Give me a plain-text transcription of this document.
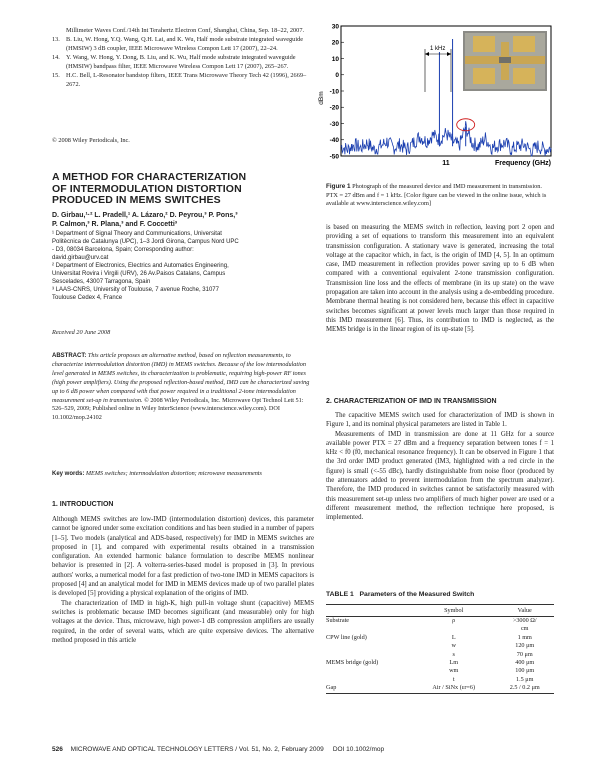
Millimeter Waves Conf./14th Int Terahertz Electron Conf, Shanghai, China, Sep. 18–22, 2007.
13. B. Liu, W. Hong, Y.Q. Wang, Q.H. Lai, and K. Wu, Half mode substrate integrated waveguide (HMSIW) 3 dB coupler, IEEE Microwave Wireless Compon Lett 17 (2007), 22–24.
14. Y. Wang, W. Hong, Y. Dong, B. Liu, and K. Wu, Half mode substrate integrated waveguide (HMSIW) bandpass filter, IEEE Microwave Wireless Compon Lett 17 (2007), 265–267.
15. H.C. Bell, L-Resonator bandstop filters, IEEE Trans Microwave Theory Tech 42 (1996), 2669–2672.
© 2008 Wiley Periodicals, Inc.
A METHOD FOR CHARACTERIZATION
OF INTERMODULATION DISTORTION
PRODUCED IN MEMS SWITCHES
D. Girbau,¹·² L. Pradell,¹ A. Lázaro,² D. Peyrou,³ P. Pons,³
P. Calmon,³ R. Plana,³ and F. Coccetti³
¹ Department of Signal Theory and Communications, Universitat
Politècnica de Catalunya (UPC), 1–3 Jordi Girona, Campus Nord UPC
- D3, 08034 Barcelona, Spain; Corresponding author:
david.girbau@urv.cat
² Department of Electronics, Electrics and Automatics Engineering,
Universitat Rovira i Virgili (URV), 26 Av.Paisos Catalans, Campus
Sescelades, 43007 Tarragona, Spain
³ LAAS-CNRS, University of Toulouse, 7 avenue Roche, 31077
Toulouse Cedex 4, France
Received 20 June 2008
ABSTRACT: This article proposes an alternative method, based on reflection measurements, to characterize intermodulation distortion (IMD) in MEMS switches. Because of the low intermodulation level generated in MEMS switches, its characterization is problematic, requiring high-power RF tones (high power amplifiers). Using the proposed reflection-based method, IMD can be characterized saving up to 6 dB power when compared with that power required in a traditional 2-tone intermodulation measurement set-up in transmission. © 2008 Wiley Periodicals, Inc. Microwave Opt Technol Lett 51: 526–529, 2009; Published online in Wiley InterScience (www.interscience.wiley.com). DOI 10.1002/mop.24102
Key words: MEMS switches; intermodulation distortion; microwave measurements
1. INTRODUCTION

Although MEMS switches are low-IMD (intermodulation distortion) devices, this parameter cannot be ignored under some excitation conditions and has been studied in a number of papers [1–5]. Two models (analytical and ADS-based, respectively) for IMD in MEMS switches are proposed in [1], and compared with experimental results obtained in a transmission configuration. An extended harmonic balance formulation to describe MEMS nonlinear behavior is presented in [2]. A volterra-series-based model is proposed in [3]. In previous authors' works, a numerical model for a fast prediction of two-tone IMD in MEMS capacitors is proposed [4] and an analytical model for IMD in MEMS devices made up of two parallel plates is developed [5] providing a physical explanation of the origins of IMD.

The characterization of IMD in high-K, high pull-in voltage shunt (capacitive) MEMS switches is problematic because IMD becomes significant (and measurable) only for high voltages at the device. Thus, microwave, high power-1 dB compression amplifiers are usually required, in the order of several watts, which are quite expensive devices. The alternative method proposed in this article

30
20
10
0
-10
-20
-30
-40
-50
1 kHz
dBm
11	Frequency (GHz)
Figure 1 Photograph of the measured device and IMD measurement in transmission. PTX = 27 dBm and f = 1 kHz. [Color figure can be viewed in the online issue, which is available at www.interscience.wiley.com]

is based on measuring the MEMS switch in reflection, leaving port 2 open and providing a set of equations to transform this measurement into an equivalent transmission configuration. A stationary wave is generated, increasing the total voltage at the capacitor which, in fact, is the origin of IMD [4, 5]. In an optimum case, IMD measurement in reflection provides power saving up to 6 dB when compared with a conventional equivalent 2-tone transmission configuration. Transmission line loss and the effects of membrane (in its up state) on the wave propagation are taken into account in the analysis using a de-embedding procedure. Membrane thermal heating is not considered here, because this effect in capacitive switches becomes significant at power levels much larger than those required in this IMD measurement [6]. Thus, its contribution to IMD is neglected, as the MEMS bridge is in the linear region of its up-state [5].

2. CHARACTERIZATION OF IMD IN TRANSMISSION

The capacitive MEMS switch used for characterization of IMD is shown in Figure 1, and its nominal physical parameters are listed in Table 1.

Measurements of IMD in transmission are done at 11 GHz for a source available power PTX = 27 dBm and a frequency separation between tones f = 1 kHz < f0 (f0, mechanical resonance frequency). It can be observed in Figure 1 that the 3rd order IMD product generated (IM3, highlighted with a red circle in the figure) is small (<-55 dBc), hardly distinguishable from noise floor (produced by the attenuators added to prevent intermodulation from the spectrum analyzer). Therefore, the IMD produced in switches cannot be satisfactorily measured with this measurement set-up unless two amplifiers of much higher power are used or a different measurement method, the reflection technique here proposed, is implemented.

TABLE 1 Parameters of the Measured Switch
	Symbol	Value
Substrate	ρ	>3000 Ω/
		cm
CPW line (gold)	L	1 mm
	w	120 μm
	s	70 μm
MEMS bridge (gold)	Lm	400 μm
	wm	100 μm
	t	1.5 μm
Gap	Air / SiNx (εr=6)	2.5 / 0.2 μm
526 MICROWAVE AND OPTICAL TECHNOLOGY LETTERS / Vol. 51, No. 2, February 2009 DOI 10.1002/mop
